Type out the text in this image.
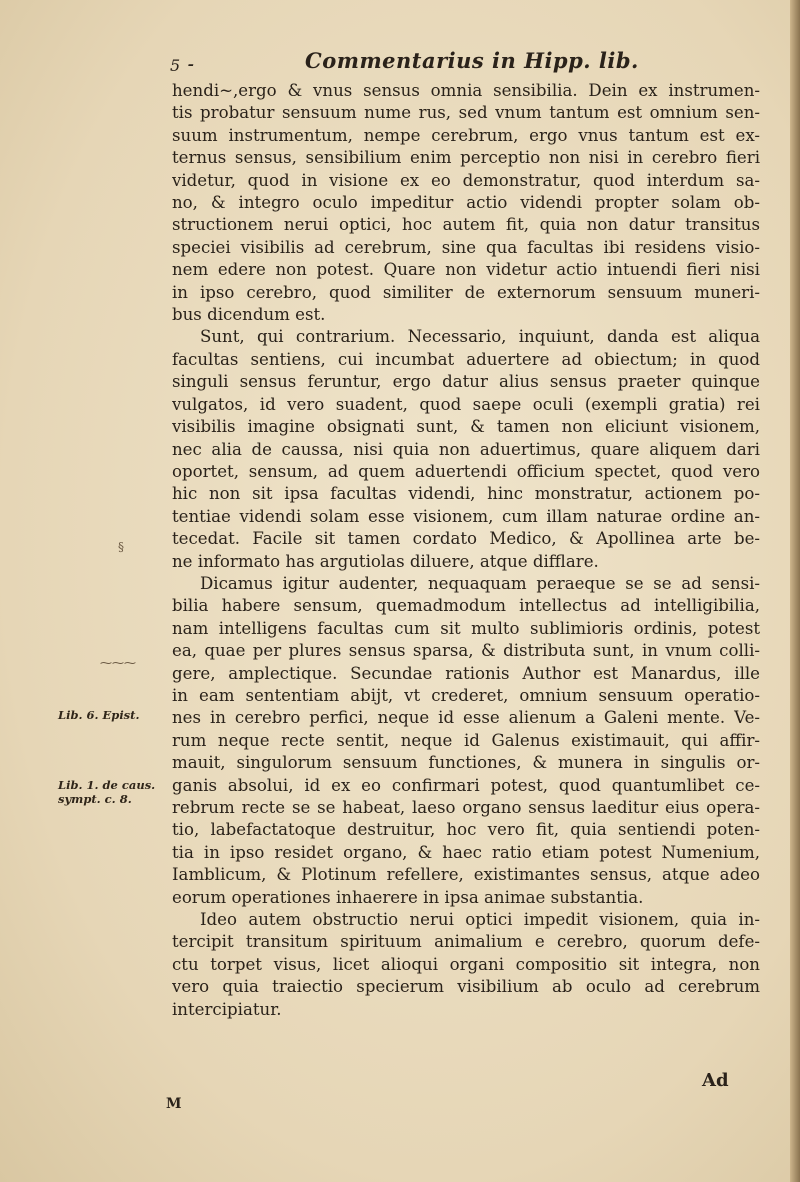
5 ⁃	Commentarius in Hipp. lib.
hendi~,ergo & vnus sensus omnia sensibilia. Dein ex instrumen-
tis probatur sensuum nume rus, sed vnum tantum est omnium sen-
suum instrumentum, nempe cerebrum, ergo vnus tantum est ex-
ternus sensus, sensibilium enim perceptio non nisi in cerebro fieri
videtur, quod in visione ex eo demonstratur, quod interdum sa-
no, & integro oculo impeditur actio videndi propter solam ob-
structionem nerui optici, hoc autem fit, quia non datur transitus
speciei visibilis ad cerebrum, sine qua facultas ibi residens visio-
nem edere non potest. Quare non videtur actio intuendi fieri nisi
in ipso cerebro, quod similiter de externorum sensuum muneri-
bus dicendum est.
Sunt, qui contrarium. Necessario, inquiunt, danda est aliqua
facultas sentiens, cui incumbat aduertere ad obiectum; in quod
singuli sensus feruntur, ergo datur alius sensus praeter quinque
vulgatos, id vero suadent, quod saepe oculi (exempli gratia) rei
visibilis imagine obsignati sunt, & tamen non eliciunt visionem,
nec alia de caussa, nisi quia non aduertimus, quare aliquem dari
oportet, sensum, ad quem aduertendi officium spectet, quod vero
hic non sit ipsa facultas videndi, hinc monstratur, actionem po-
tentiae videndi solam esse visionem, cum illam naturae ordine an-
tecedat. Facile sit tamen cordato Medico, & Apollinea arte be-
ne informato has argutiolas diluere, atque difflare.
Dicamus igitur audenter, nequaquam peraeque se se ad sensi-
bilia habere sensum, quemadmodum intellectus ad intelligibilia,
nam intelligens facultas cum sit multo sublimioris ordinis, potest
ea, quae per plures sensus sparsa, & distributa sunt, in vnum colli-
gere, amplectique. Secundae rationis Author est Manardus, ille
in eam sententiam abijt, vt crederet, omnium sensuum operatio-
nes in cerebro perfici, neque id esse alienum a Galeni mente. Ve-
rum neque recte sentit, neque id Galenus existimauit, qui affir-
mauit, singulorum sensuum functiones, & munera in singulis or-
ganis absolui, id ex eo confirmari potest, quod quantumlibet ce-
rebrum recte se se habeat, laeso organo sensus laeditur eius opera-
tio, labefactatoque destruitur, hoc vero fit, quia sentiendi poten-
tia in ipso residet organo, & haec ratio etiam potest Numenium,
Iamblicum, & Plotinum refellere, existimantes sensus, atque adeo
eorum operationes inhaerere in ipsa animae substantia.
Ideo autem obstructio nerui optici impedit visionem, quia in-
tercipit transitum spirituum animalium e cerebro, quorum defe-
ctu torpet visus, licet alioqui organi compositio sit integra, non
vero quia traiectio specierum visibilium ab oculo ad cerebrum
intercipiatur.
§
⁓⁓⁓
Lib. 6. Epist.
Lib. 1. de caus. sympt. c. 8.
Ad
M
